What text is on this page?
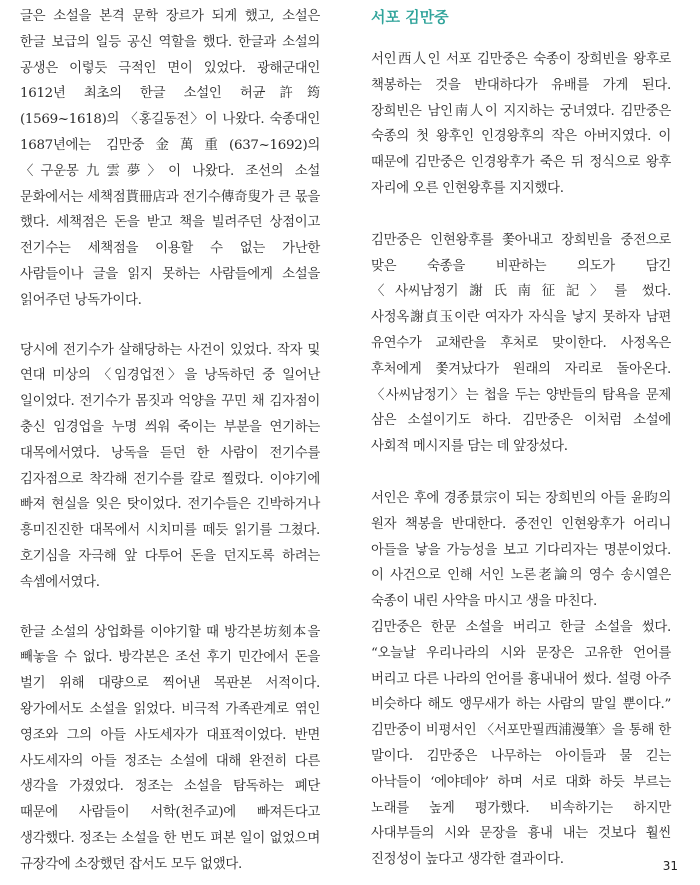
글은 소설을 본격 문학 장르가 되게 했고, 소설은 한글 보급의 일등 공신 역할을 했다. 한글과 소설의 공생은 이렇듯 극적인 면이 있었다. 광해군대인 1612년 최초의 한글 소설인 허균許筠(1569~1618)의 〈홍길동전〉이 나왔다. 숙종대인 1687년에는 김만중金萬重(637~1692)의 〈구운몽九雲夢〉이 나왔다. 조선의 소설 문화에서는 세책점貰冊店과 전기수傳奇叟가 큰 몫을 했다. 세책점은 돈을 받고 책을 빌려주던 상점이고 전기수는 세책점을 이용할 수 없는 가난한 사람들이나 글을 읽지 못하는 사람들에게 소설을 읽어주던 낭독가이다.

당시에 전기수가 살해당하는 사건이 있었다. 작자 및 연대 미상의 〈임경업전〉을 낭독하던 중 일어난 일이었다. 전기수가 몸짓과 억양을 꾸민 채 김자점이 충신 임경업을 누명 씌워 죽이는 부분을 연기하는 대목에서였다. 낭독을 듣던 한 사람이 전기수를 김자점으로 착각해 전기수를 칼로 찔렀다. 이야기에 빠져 현실을 잊은 탓이었다. 전기수들은 긴박하거나 흥미진진한 대목에서 시치미를 떼듯 읽기를 그쳤다. 호기심을 자극해 앞 다투어 돈을 던지도록 하려는 속셈에서였다.

한글 소설의 상업화를 이야기할 때 방각본坊刻本을 빼놓을 수 없다. 방각본은 조선 후기 민간에서 돈을 벌기 위해 대량으로 찍어낸 목판본 서적이다. 왕가에서도 소설을 읽었다. 비극적 가족관계로 엮인 영조와 그의 아들 사도세자가 대표적이었다. 반면 사도세자의 아들 정조는 소설에 대해 완전히 다른 생각을 가졌었다. 정조는 소설을 탐독하는 폐단 때문에 사람들이 서학(천주교)에 빠져든다고 생각했다. 정조는 소설을 한 번도 펴본 일이 없었으며 규장각에 소장했던 잡서도 모두 없앴다.

서포 김만중

서인西人인 서포 김만중은 숙종이 장희빈을 왕후로 책봉하는 것을 반대하다가 유배를 가게 된다. 장희빈은 남인南人이 지지하는 궁녀였다. 김만중은 숙종의 첫 왕후인 인경왕후의 작은 아버지였다. 이 때문에 김만중은 인경왕후가 죽은 뒤 정식으로 왕후 자리에 오른 인현왕후를 지지했다.

김만중은 인현왕후를 쫓아내고 장희빈을 중전으로 맞은 숙종을 비판하는 의도가 담긴 〈사씨남정기謝氏南征記〉를 썼다. 사정옥謝貞玉이란 여자가 자식을 낳지 못하자 남편 유연수가 교채란을 후처로 맞이한다. 사정옥은 후처에게 쫓겨났다가 원래의 자리로 돌아온다. 〈사씨남정기〉는 첩을 두는 양반들의 탐욕을 문제 삼은 소설이기도 하다. 김만중은 이처럼 소설에 사회적 메시지를 담는 데 앞장섰다.

서인은 후에 경종景宗이 되는 장희빈의 아들 윤昀의 원자 책봉을 반대한다. 중전인 인현왕후가 어리니 아들을 낳을 가능성을 보고 기다리자는 명분이었다. 이 사건으로 인해 서인 노론老論의 영수 송시열은 숙종이 내린 사약을 마시고 생을 마친다.

김만중은 한문 소설을 버리고 한글 소설을 썼다. “오늘날 우리나라의 시와 문장은 고유한 언어를 버리고 다른 나라의 언어를 흉내내어 썼다. 설령 아주 비슷하다 해도 앵무새가 하는 사람의 말일 뿐이다.” 김만중이 비평서인 〈서포만필西浦漫筆〉을 통해 한 말이다. 김만중은 나무하는 아이들과 물 긷는 아낙들이 ‘에야데야’ 하며 서로 대화 하듯 부르는 노래를 높게 평가했다. 비속하기는 하지만 사대부들의 시와 문장을 흉내 내는 것보다 훨씬 진정성이 높다고 생각한 결과이다.	31
